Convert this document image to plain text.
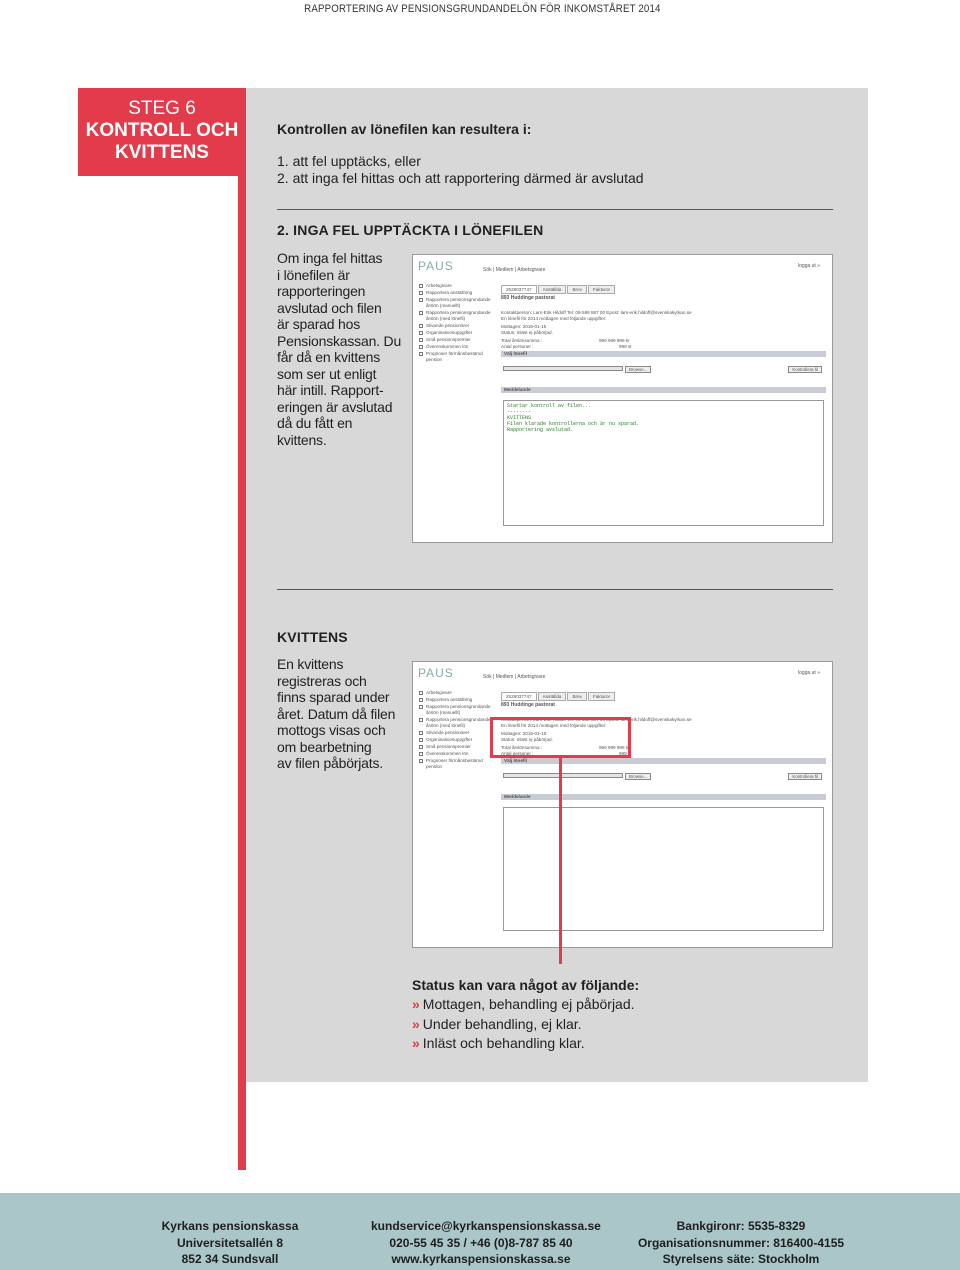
RAPPORTERING AV PENSIONSGRUNDANDELÖN FÖR INKOMSTÅRET 2014
STEG 6
KONTROLL OCH
KVITTENS
Kontrollen av lönefilen kan resultera i:
1. att fel upptäcks, eller
2. att inga fel hittas och att rapportering därmed är avslutad
2. INGA FEL UPPTÄCKTA I LÖNEFILEN
Om inga fel hittas
i lönefilen är
rapporteringen
avslutad och filen
är sparad hos
Pensionskassan. Du
får då en kvittens
som ser ut enligt
här intill. Rapport-
eringen är avslutad
då du fått en
kvittens.
PAUS	Sök | Medlem | Arbetsgivare
logga ut »
Arbetsgivare
Rapportera anställning
Rapportera pensionsgrundande årslön (manuellt)
Rapportera pensionsgrundande årslön (med lönefil)
Slivande pensionärer
Organisationsuppgifter
Små pensionspremier
Överenskommen lön
Prognoser förmånsbestämd pension
2528037747	Anställda	Brev	Fakturor
893 Huddinge pastorat
Kontaktperson: Lars-Erik Hildoff Tel: 08-588 887 00 Epost: lars-erik.hildoff@svenskakyrkan.se
En lönefil för 2014 mottagen med följande uppgifter:
Mottagen: 2015-01-15
Status: Inläst ej påbörjad.
Total årslönsumma :	999 999 999 kr
Antal personer :	999 st
Välj lönefil
Browse...	Kontrollera fil
Meddelande
Startar kontroll av filen...
--------
KVITTENS
Filen klarade kontrollerna och är nu sparad.
Rapportering avslutad.
KVITTENS
En kvittens
registreras och
finns sparad under
året. Datum då filen
mottogs visas och
om bearbetning
av filen påbörjats.
PAUS	Sök | Medlem | Arbetsgivare
logga ut »
Arbetsgivare
Rapportera anställning
Rapportera pensionsgrundande årslön (manuellt)
Rapportera pensionsgrundande årslön (med lönefil)
Slivande pensionärer
Organisationsuppgifter
Små pensionspremier
Överenskommen lön
Prognoser förmånsbestämd pension
2528037747	Anställda	Brev	Fakturor
893 Huddinge pastorat
Kontaktperson: Lars-Erik Hildoff Tel: 08-588 887 00 Epost: lars-erik.hildoff@svenskakyrkan.se
En lönefil för 2014 mottagen med följande uppgifter:
Mottagen: 2015-01-15
Status: Inläst ej påbörjad.
Total årslönsumma :	999 999 999 kr
Antal personer :	999 st
Välj lönefil
Browse...	Kontrollera fil
Meddelande
Status kan vara något av följande:
» Mottagen, behandling ej påbörjad.
» Under behandling, ej klar.
» Inläst och behandling klar.
Kyrkans pensionskassa
Universitetsallén 8
852 34 Sundsvall
kundservice@kyrkanspensionskassa.se
020-55 45 35 / +46 (0)8-787 85 40
www.kyrkanspensionskassa.se
Bankgironr: 5535-8329
Organisationsnummer: 816400-4155
Styrelsens säte: Stockholm
